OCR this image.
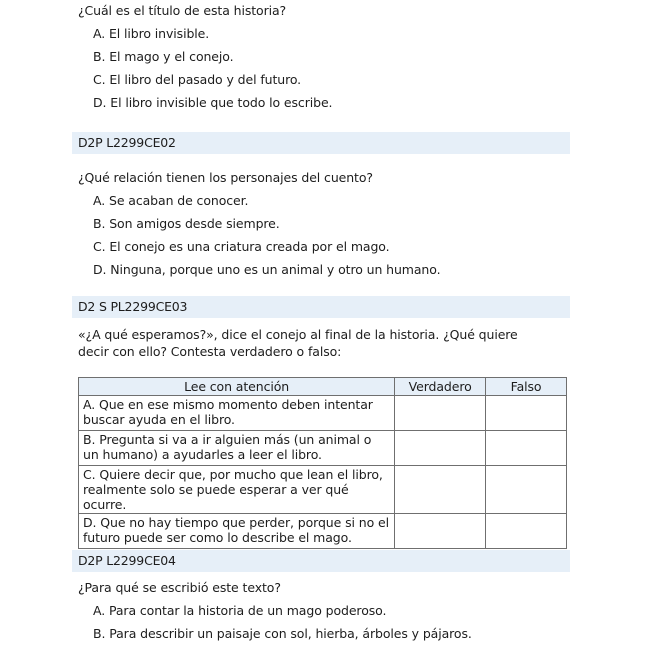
¿Cuál es el título de esta historia?
A. El libro invisible.
B. El mago y el conejo.
C. El libro del pasado y del futuro.
D. El libro invisible que todo lo escribe.
D2P L2299CE02
¿Qué relación tienen los personajes del cuento?
A. Se acaban de conocer.
B. Son amigos desde siempre.
C. El conejo es una criatura creada por el mago.
D. Ninguna, porque uno es un animal y otro un humano.
D2 S PL2299CE03
«¿A qué esperamos?», dice el conejo al final de la historia. ¿Qué quiere decir con ello? Contesta verdadero o falso:
Lee con atención	Verdadero	Falso
A. Que en ese mismo momento deben intentar buscar ayuda en el libro.		
B. Pregunta si va a ir alguien más (un animal o un humano) a ayudarles a leer el libro.		
C. Quiere decir que, por mucho que lean el libro, realmente solo se puede esperar a ver qué ocurre.		
D. Que no hay tiempo que perder, porque si no el futuro puede ser como lo describe el mago.		
D2P L2299CE04
¿Para qué se escribió este texto?
A. Para contar la historia de un mago poderoso.
B. Para describir un paisaje con sol, hierba, árboles y pájaros.
